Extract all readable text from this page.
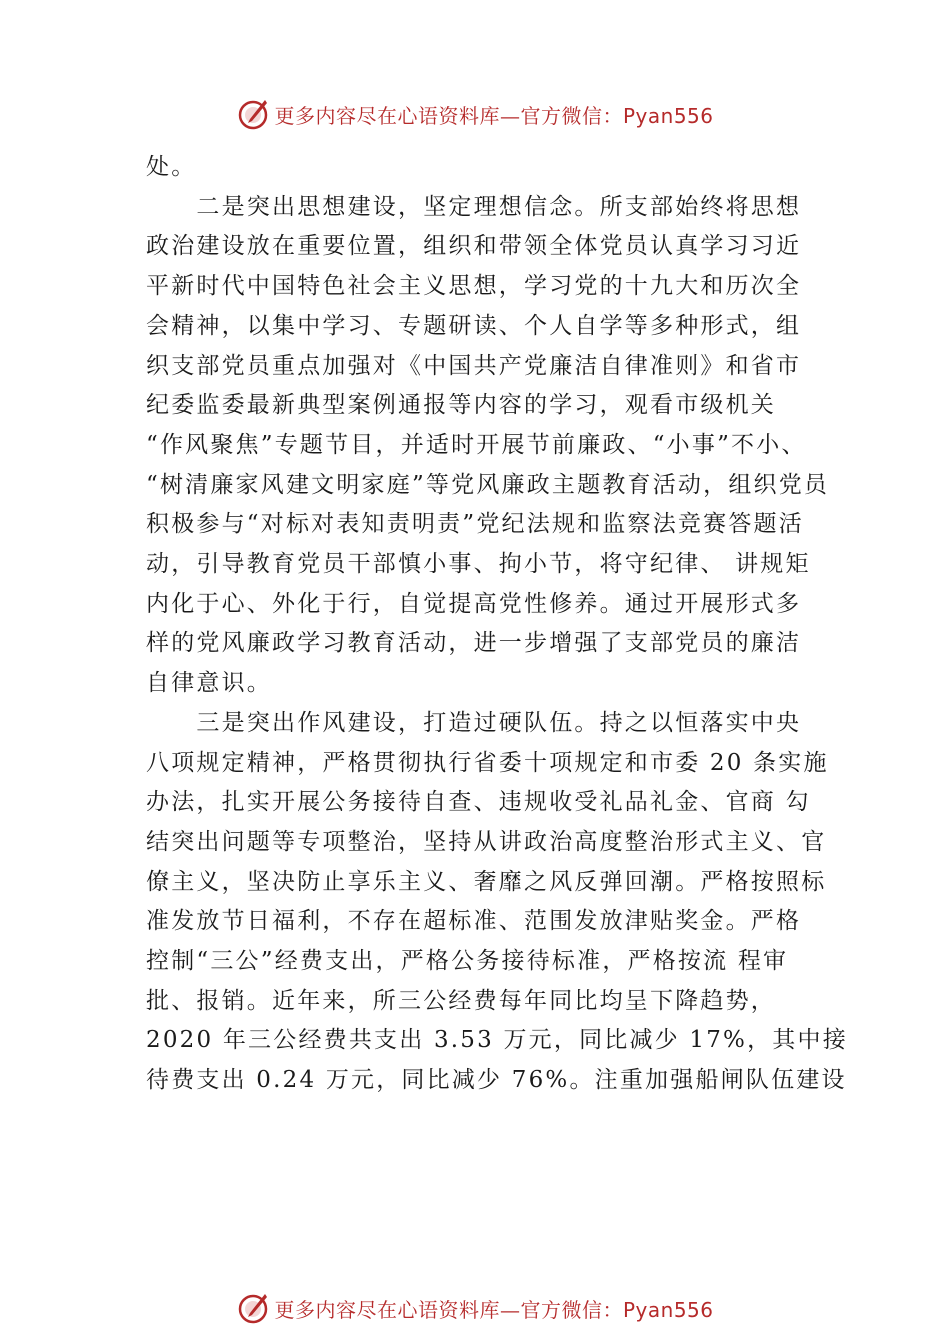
更多内容尽在心语资料库—官方微信：Pyan556

处。

　　二是突出思想建设，坚定理想信念。所支部始终将思想

政治建设放在重要位置，组织和带领全体党员认真学习习近

平新时代中国特色社会主义思想，学习党的十九大和历次全

会精神，以集中学习、专题研读、个人自学等多种形式，组

织支部党员重点加强对《中国共产党廉洁自律准则》和省市

纪委监委最新典型案例通报等内容的学习，观看市级机关

“作风聚焦”专题节目，并适时开展节前廉政、“小事”不小、

“树清廉家风建文明家庭”等党风廉政主题教育活动，组织党员

积极参与“对标对表知责明责”党纪法规和监察法竞赛答题活

动，引导教育党员干部慎小事、拘小节，将守纪律、 讲规矩

内化于心、外化于行，自觉提高党性修养。通过开展形式多

样的党风廉政学习教育活动，进一步增强了支部党员的廉洁

自律意识。

　　三是突出作风建设，打造过硬队伍。持之以恒落实中央

八项规定精神，严格贯彻执行省委十项规定和市委 20 条实施

办法，扎实开展公务接待自查、违规收受礼品礼金、官商 勾

结突出问题等专项整治，坚持从讲政治高度整治形式主义、官

僚主义，坚决防止享乐主义、奢靡之风反弹回潮。严格按照标

准发放节日福利，不存在超标准、范围发放津贴奖金。严格

控制“三公”经费支出，严格公务接待标准，严格按流 程审

批、报销。近年来，所三公经费每年同比均呈下降趋势，

2020 年三公经费共支出 3.53 万元，同比减少 17%，其中接

待费支出 0.24 万元，同比减少 76%。注重加强船闸队伍建设

更多内容尽在心语资料库—官方微信：Pyan556
